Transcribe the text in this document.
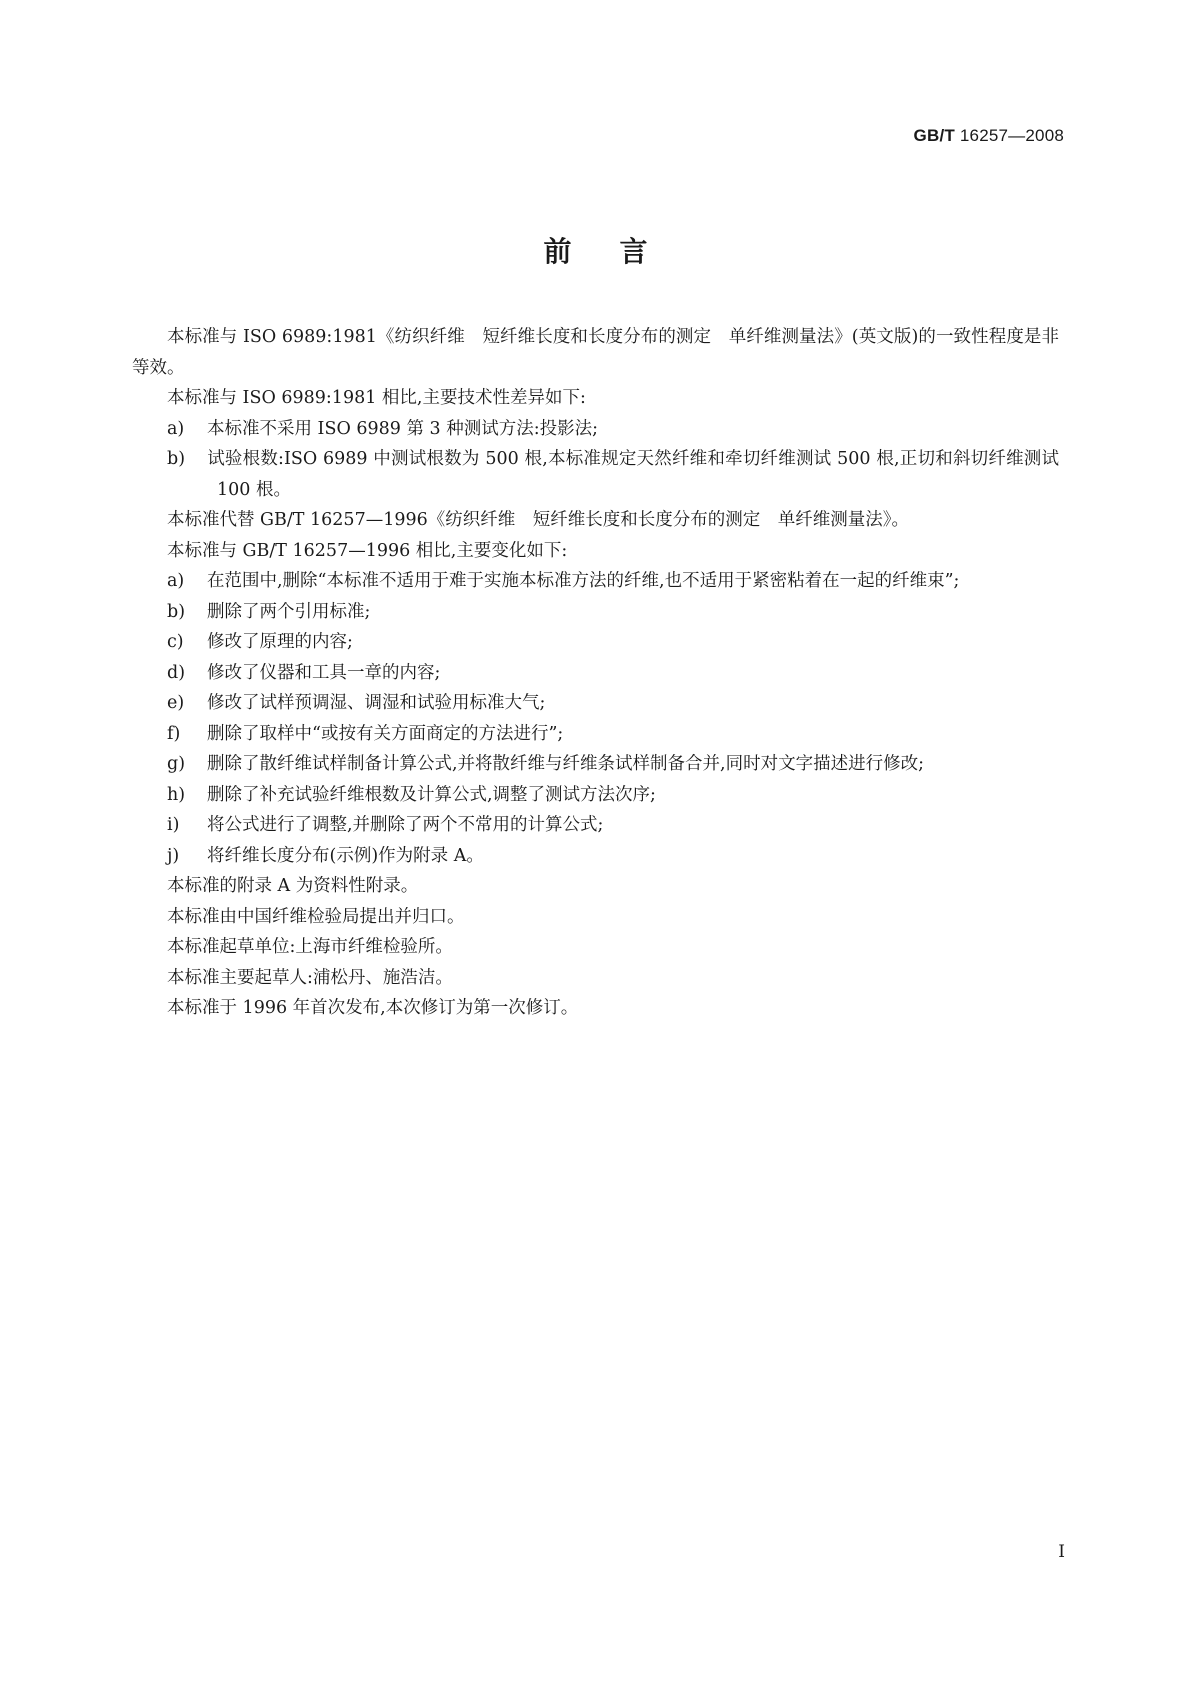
GB/T 16257—2008
前言

本标准与 ISO 6989:1981《纺织纤维　短纤维长度和长度分布的测定　单纤维测量法》(英文版)的一致性程度是非等效。

本标准与 ISO 6989:1981 相比,主要技术性差异如下:

a) 本标准不采用 ISO 6989 第 3 种测试方法:投影法;

b) 试验根数:ISO 6989 中测试根数为 500 根,本标准规定天然纤维和牵切纤维测试 500 根,正切和斜切纤维测试 100 根。

本标准代替 GB/T 16257—1996《纺织纤维　短纤维长度和长度分布的测定　单纤维测量法》。

本标准与 GB/T 16257—1996 相比,主要变化如下:

a) 在范围中,删除“本标准不适用于难于实施本标准方法的纤维,也不适用于紧密粘着在一起的纤维束”;

b) 删除了两个引用标准;

c) 修改了原理的内容;

d) 修改了仪器和工具一章的内容;

e) 修改了试样预调湿、调湿和试验用标准大气;

f) 删除了取样中“或按有关方面商定的方法进行”;

g) 删除了散纤维试样制备计算公式,并将散纤维与纤维条试样制备合并,同时对文字描述进行修改;

h) 删除了补充试验纤维根数及计算公式,调整了测试方法次序;

i) 将公式进行了调整,并删除了两个不常用的计算公式;

j) 将纤维长度分布(示例)作为附录 A。

本标准的附录 A 为资料性附录。

本标准由中国纤维检验局提出并归口。

本标准起草单位:上海市纤维检验所。

本标准主要起草人:浦松丹、施浩洁。

本标准于 1996 年首次发布,本次修订为第一次修订。

I
